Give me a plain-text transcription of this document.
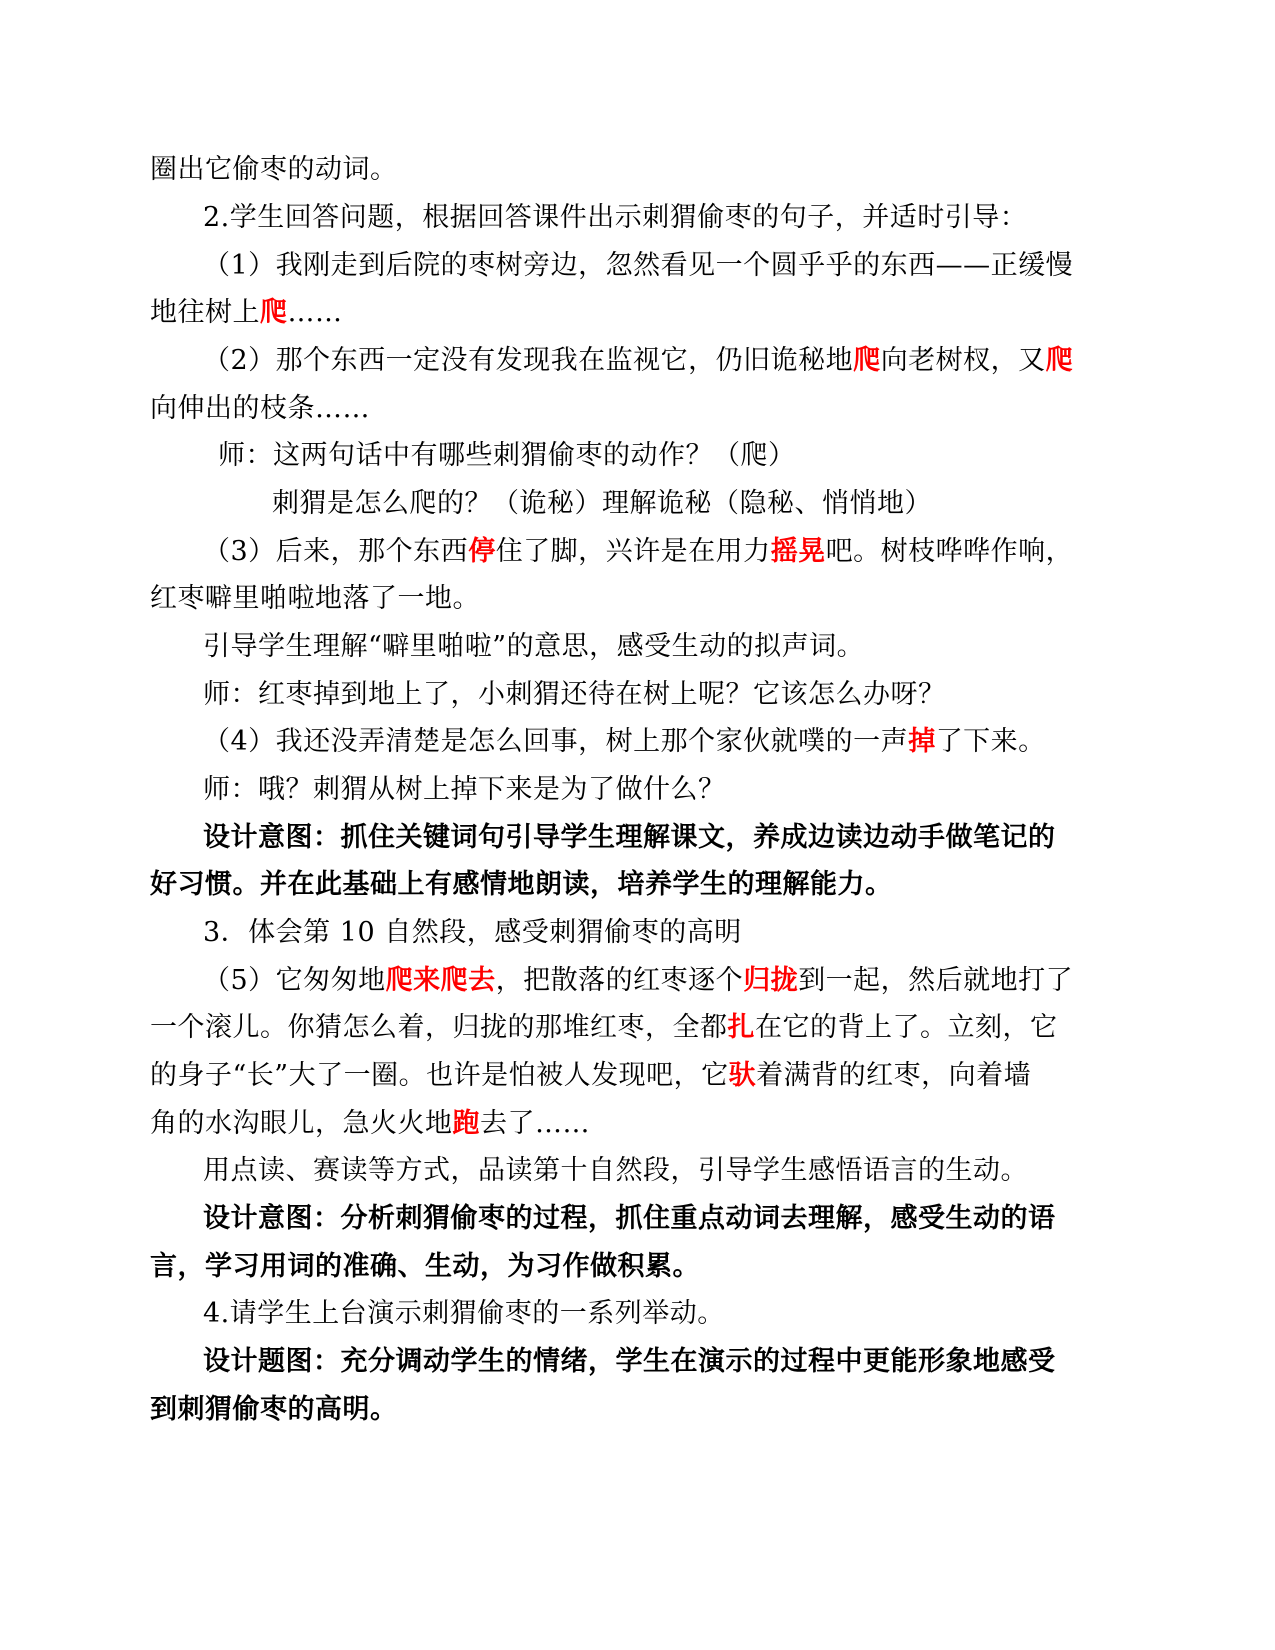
圈出它偷枣的动词。
2.学生回答问题，根据回答课件出示刺猬偷枣的句子，并适时引导：
（1）我刚走到后院的枣树旁边，忽然看见一个圆乎乎的东西——正缓慢
地往树上爬……
（2）那个东西一定没有发现我在监视它，仍旧诡秘地爬向老树杈，又爬
向伸出的枝条……
师：这两句话中有哪些刺猬偷枣的动作？（爬）
刺猬是怎么爬的？（诡秘）理解诡秘（隐秘、悄悄地）
（3）后来，那个东西停住了脚，兴许是在用力摇晃吧。树枝哗哗作响，
红枣噼里啪啦地落了一地。
引导学生理解“噼里啪啦”的意思，感受生动的拟声词。
师：红枣掉到地上了，小刺猬还待在树上呢？它该怎么办呀？
（4）我还没弄清楚是怎么回事，树上那个家伙就噗的一声掉了下来。
师：哦？刺猬从树上掉下来是为了做什么？
设计意图：抓住关键词句引导学生理解课文，养成边读边动手做笔记的
好习惯。并在此基础上有感情地朗读，培养学生的理解能力。
3．体会第 10 自然段，感受刺猬偷枣的高明
（5）它匆匆地爬来爬去，把散落的红枣逐个归拢到一起，然后就地打了
一个滚儿。你猜怎么着，归拢的那堆红枣，全都扎在它的背上了。立刻，它
的身子“长”大了一圈。也许是怕被人发现吧，它驮着满背的红枣，向着墙
角的水沟眼儿，急火火地跑去了……
用点读、赛读等方式，品读第十自然段，引导学生感悟语言的生动。
设计意图：分析刺猬偷枣的过程，抓住重点动词去理解，感受生动的语
言，学习用词的准确、生动，为习作做积累。
4.请学生上台演示刺猬偷枣的一系列举动。
设计题图：充分调动学生的情绪，学生在演示的过程中更能形象地感受
到刺猬偷枣的高明。
